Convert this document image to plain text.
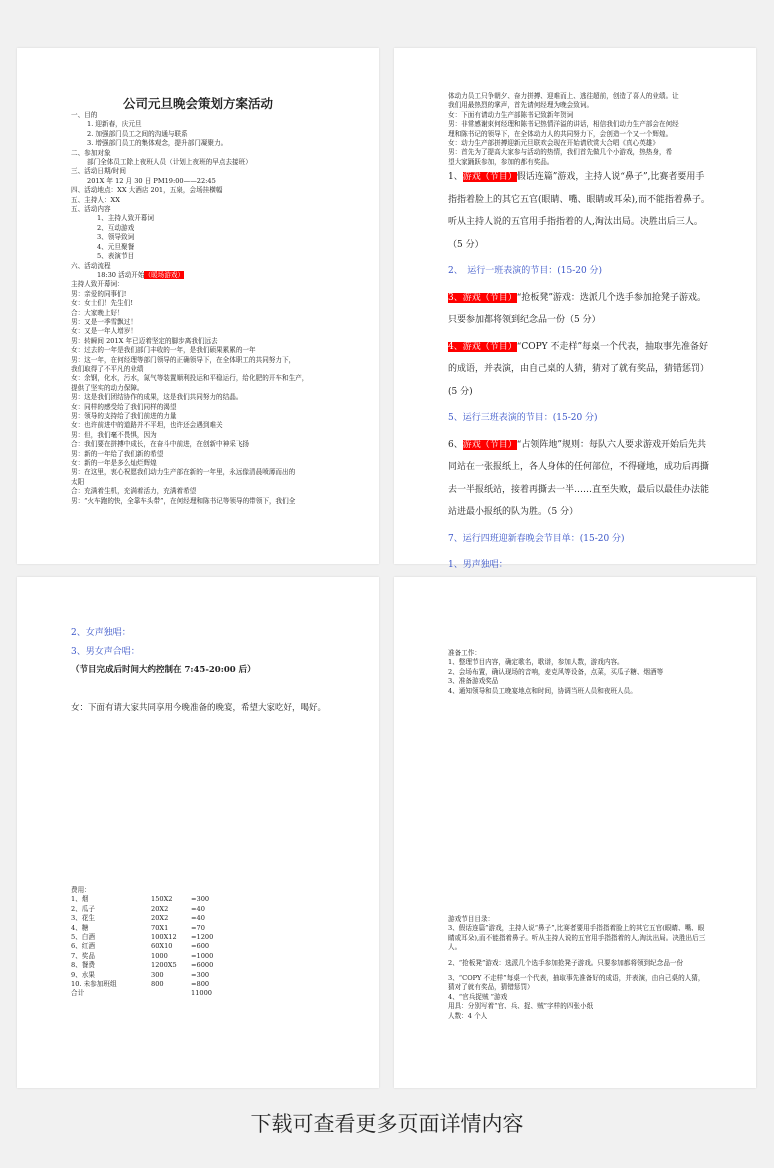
公司元旦晚会策划方案活动
一、目的
1. 迎新春，庆元旦
2. 加强部门员工之间的沟通与联系
3. 增强部门员工的集体观念，提升部门凝聚力。
二、参加对象
部门全体员工除上夜班人员（计划上夜班的早点去接班）
三、活动日期/时间
201X 年 12 月 30 日 PM19:00——22:45
四、活动地点：XX 大酒店 201，五泉，会场挂横幅
五、主持人：XX
五、活动内容
1、主持人致开幕词
2、互动游戏
3、领导致词
4、元旦聚餐
5、表演节目
六、活动流程
18:30 活动开始（暖场游戏）
主持人致开幕词：
男：亲爱的同事们!
女：女士们！先生们!
合：大家晚上好！
男：又是一季雪飘过！
女：又是一年人增岁！
男：转瞬间 201X 年已迈着坚定的脚步离我们远去
女：过去的一年是我们部门丰收的一年，是我们硕果累累的一年
男：这一年，在何经理等部门领导的正确领导下，在全体职工的共同努力下，
我们取得了不平凡的业绩
女：余钢，化水，污水，氮气等装置顺利投运和平稳运行，给化肥的开车和生产，
提供了坚实的动力保障。
男：这是我们团结协作的成果，这是我们共同努力的结晶。
女：同样的感受给了我们同样的渴望
男：领导的支持给了我们前进的力量
女：也许前进中的道路并不平坦，也许还会遇到难关
男：但，我们毫不畏惧，因为
合：我们要在拼搏中成长，在奋斗中前进，在创新中神采飞扬
男：新的一年给了我们新的希望
女：新的一年是多么灿烂辉煌
男：在这里，衷心祝愿我们动力生产部在新的一年里，永远像清晨喷薄而出的
太阳
合：充满着生机，充满着活力，充满着希望
男：“火车跑的快，全靠车头带”，在何经理和陈书记等领导的带领下，我们全
体动力员工只争朝夕、奋力拼搏、迎难而上、逃往超前，创造了喜人的业绩。让
我们用最热烈的掌声，首先请何经理为晚会致词。
女：下面有请动力生产部陈书记致新年贺词
男：非常感谢束何经理和陈书记热情洋溢的讲话，相信我们动力生产部会在何经
理和陈书记的领导下，在全体动力人的共同努力下，会创造一个又一个辉煌。
女：动力生产部拼搏迎新元旦联欢会现在开始请欣赏大合唱《真心英雄》
男：首先为了提高大家参与活动的热情，我们首先做几个小游戏，热热身，希
望大家踊跃参加，参加的都有奖品。
1、游戏（节目）假话连篇”游戏，主持人说“鼻子”,比赛者要用手指指着脸上的其它五官(眼睛、嘴、眼睛或耳朵),而不能指着鼻子。听从主持人说的五官用手指指着的人,淘汰出局。决胜出后三人。（5 分）
2、　运行一班表演的节目：(15-20 分)
3、游戏（节目）“抢板凳”游戏：选派几个选手参加抢凳子游戏。只要参加都将领到纪念品一份（5 分）
4、游戏（节目）“COPY 不走样”每桌一个代表，抽取事先准备好的成语，并表演，由自己桌的人猜，猜对了就有奖品，猜错惩罚）(5 分)
5、运行三班表演的节目：(15-20 分)
6、游戏（节目）“占领阵地”规则：每队六人要求游戏开始后先共同站在一张报纸上，各人身体的任何部位，不得碰地，成功后再撕去一半报纸站，接着再撕去一半……直至失败，最后以最佳办法能站进最小报纸的队为胜。（5 分）
7、运行四班迎新春晚会节目单：(15-20 分)
1、男声独唱：
2、女声独唱：
3、男女声合唱：
（节目完成后时间大约控制在 7:45-20:00 后）
女：下面有请大家共同享用今晚准备的晚宴，希望大家吃好，喝好。
费用：
1、烟	150X2	=300
2、瓜子	20X2	=40
3、花生	20X2	=40
4、糖	70X1	=70
5、白酒	100X12	=1200
6、红酒	60X10	=600
7、奖品	1000	=1000
8、餐费	1200X5	=6000
9、水果	300	=300
10. 未参加班组	800	=800
合计	11000
准备工作：
1、整理节目内容，确定歌名，歌谱，参加人数，游戏内容。
2、会场布置，确认现场的音响，麦克风等设备，点菜，买瓜子糖、烟酒等
3、准备游戏奖品
4、通知领导和员工晚宴地点和时间，协调当班人员和夜班人员。
游戏节目目录：
3、假话连篇”游戏，主持人说“鼻子”,比赛者要用手指指着脸上的其它五官(眼睛、嘴、眼睛或耳朵),而不能指着鼻子。听从主持人说的五官用手指指着的人,淘汰出局。决胜出后三人。
2、“抢板凳”游戏：选派几个选手参加抢凳子游戏。只要参加都将领到纪念品一份
3、“COPY 不走样”每桌一个代表，抽取事先准备好的成语，并表演，由自己桌的人猜，猜对了就有奖品，猜错惩罚）
4、“官兵捉贼 ”游戏
用具：分别写着“官、兵、捉、贼”字样的四张小纸
人数：4 个人
下载可查看更多页面详情内容
